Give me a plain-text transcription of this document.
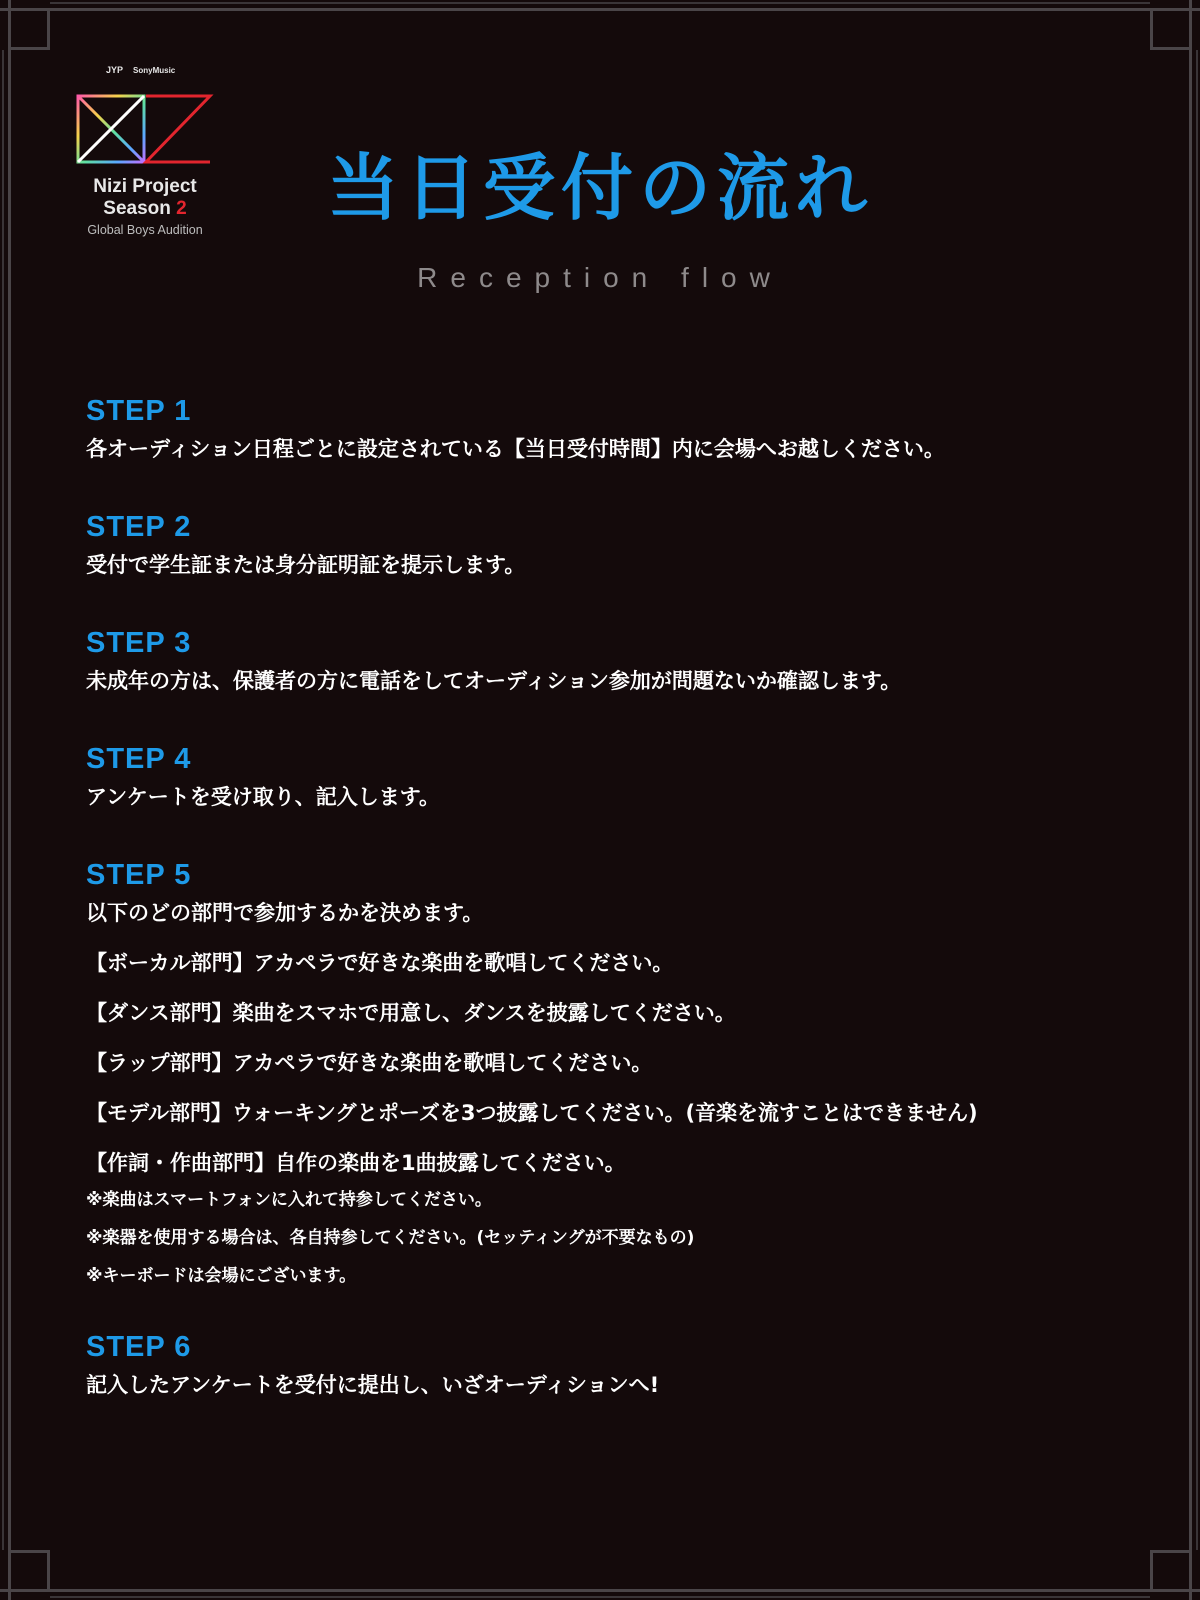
JYP SonyMusic
Nizi Project
Season 2
Global Boys Audition	当日受付の流れ
Reception flow

STEP 1

各オーディション日程ごとに設定されている【当日受付時間】内に会場へお越しください。

STEP 2

受付で学生証または身分証明証を提示します。

STEP 3

未成年の方は、保護者の方に電話をしてオーディション参加が問題ないか確認します。

STEP 4

アンケートを受け取り、記入します。

STEP 5

以下のどの部門で参加するかを決めます。

【ボーカル部門】アカペラで好きな楽曲を歌唱してください。

【ダンス部門】楽曲をスマホで用意し、ダンスを披露してください。

【ラップ部門】アカペラで好きな楽曲を歌唱してください。

【モデル部門】ウォーキングとポーズを3つ披露してください。(音楽を流すことはできません)

【作詞・作曲部門】自作の楽曲を1曲披露してください。

※楽曲はスマートフォンに入れて持参してください。

※楽器を使用する場合は、各自持参してください。(セッティングが不要なもの)

※キーボードは会場にございます。

STEP 6

記入したアンケートを受付に提出し、いざオーディションへ!
